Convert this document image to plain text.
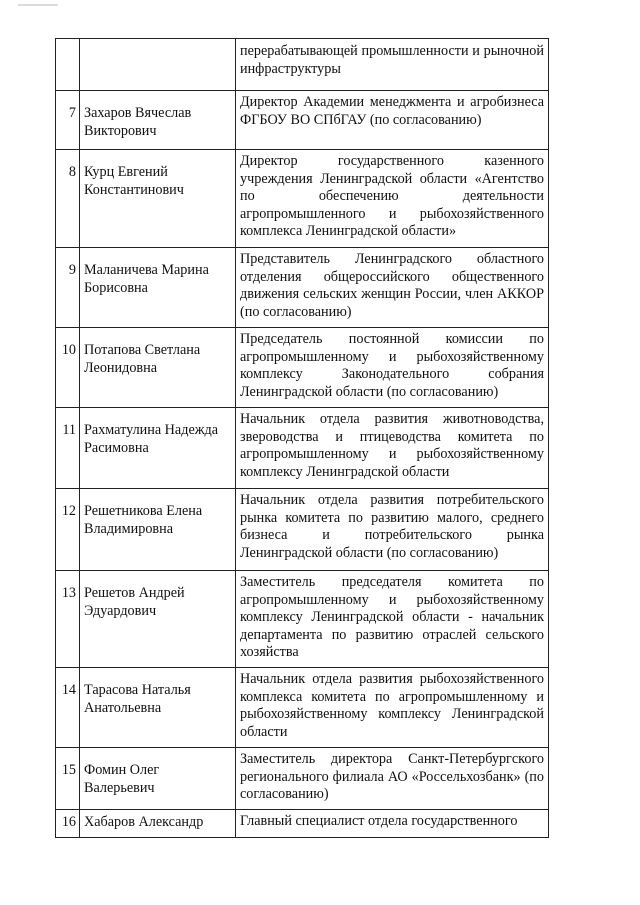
		перерабатывающей промышленности и рыночной инфраструктуры
7	Захаров Вячеслав Викторович	Директор Академии менеджмента и агробизнеса ФГБОУ ВО СПбГАУ (по согласованию)
8	Курц Евгений Константинович	Директор государственного казенного учреждения Ленинградской области «Агентство по обеспечению деятельности агропромышленного и рыбохозяйственного комплекса Ленинградской области»
9	Маланичева Марина Борисовна	Представитель Ленинградского областного отделения общероссийского общественного движения сельских женщин России, член АККОР (по согласованию)
10	Потапова Светлана Леонидовна	Председатель постоянной комиссии по агропромышленному и рыбохозяйственному комплексу Законодательного собрания Ленинградской области (по согласованию)
11	Рахматулина Надежда Расимовна	Начальник отдела развития животноводства, звероводства и птицеводства комитета по агропромышленному и рыбохозяйственному комплексу Ленинградской области
12	Решетникова Елена Владимировна	Начальник отдела развития потребительского рынка комитета по развитию малого, среднего бизнеса и потребительского рынка Ленинградской области (по согласованию)
13	Решетов Андрей Эдуардович	Заместитель председателя комитета по агропромышленному и рыбохозяйственному комплексу Ленинградской области - начальник департамента по развитию отраслей сельского хозяйства
14	Тарасова Наталья Анатольевна	Начальник отдела развития рыбохозяйственного комплекса комитета по агропромышленному и рыбохозяйственному комплексу Ленинградской области
15	Фомин Олег Валерьевич	Заместитель директора Санкт-Петербургского регионального филиала АО «Россельхозбанк» (по согласованию)
16	Хабаров Александр	Главный специалист отдела государственного
